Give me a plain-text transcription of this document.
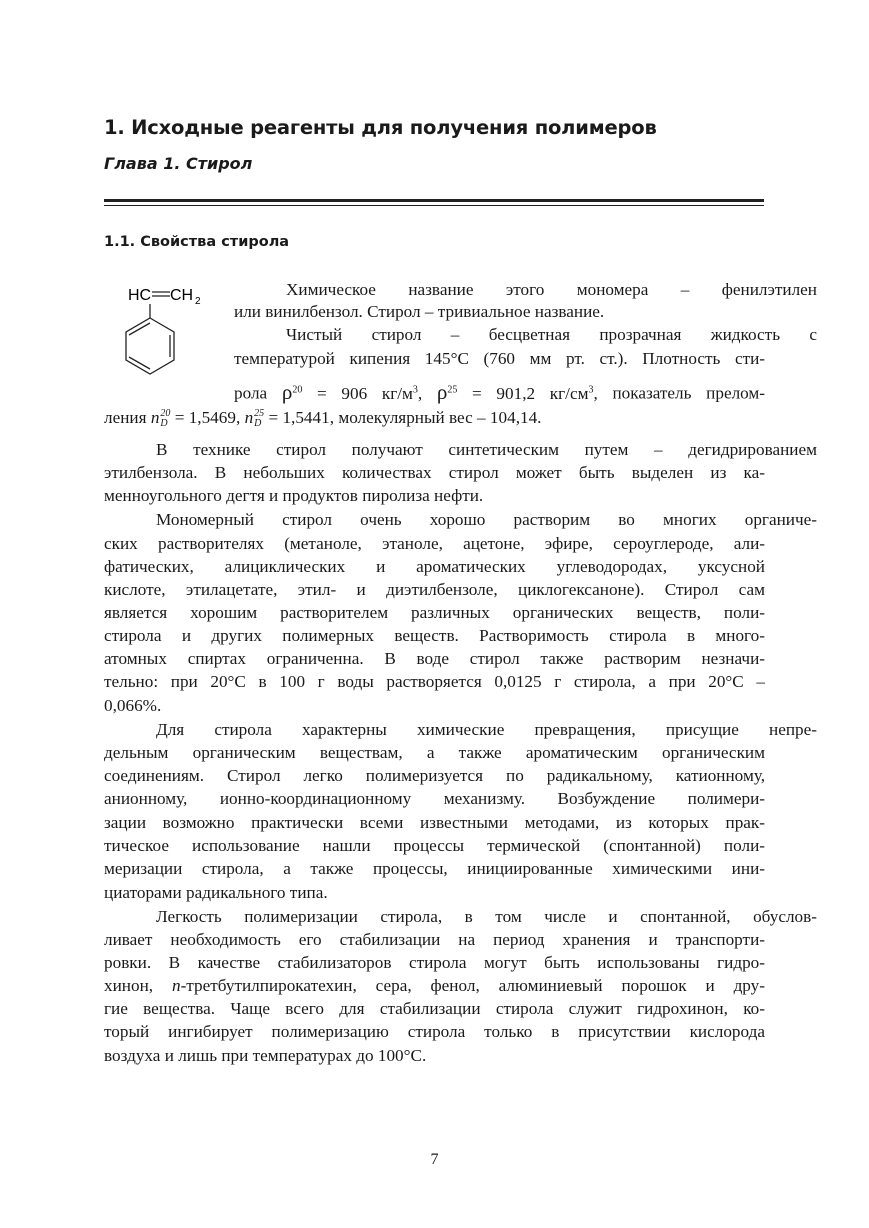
1. Исходные реагенты для получения полимеров
Глава 1. Стирол
1.1. Свойства стирола
HC CH 2
Химическое название этого мономера – фенилэтилен
или винилбензол. Стирол – тривиальное название.
Чистый стирол – бесцветная прозрачная жидкость с
температурой кипения 145°C (760 мм рт. ст.). Плотность сти-
рола $\rho^{20} = 906$ $кг/м^3$, $\rho^{25} = 901,2$ $кг/см^3$, показатель прелом-
ления n 20
D = 1,5469, n 25
D = 1,5441, молекулярный вес – 104,14.
В технике стирол получают синтетическим путем – дегидрированием
этилбензола. В небольших количествах стирол может быть выделен из ка-
менноугольного дегтя и продуктов пиролиза нефти.
Мономерный стирол очень хорошо растворим во многих органиче-
ских растворителях (метаноле, этаноле, ацетоне, эфире, сероуглероде, али-
фатических, алициклических и ароматических углеводородах, уксусной
кислоте, этилацетате, этил- и диэтилбензоле, циклогексаноне). Стирол сам
является хорошим растворителем различных органических веществ, поли-
стирола и других полимерных веществ. Растворимость стирола в много-
атомных спиртах ограниченна. В воде стирол также растворим незначи-
тельно: при 20°C в 100 г воды растворяется 0,0125 г стирола, а при 20°C –
0,066%.
Для стирола характерны химические превращения, присущие непре-
дельным органическим веществам, а также ароматическим органическим
соединениям. Стирол легко полимеризуется по радикальному, катионному,
анионному, ионно-координационному механизму. Возбуждение полимери-
зации возможно практически всеми известными методами, из которых прак-
тическое использование нашли процессы термической (спонтанной) поли-
меризации стирола, а также процессы, инициированные химическими ини-
циаторами радикального типа.
Легкость полимеризации стирола, в том числе и спонтанной, обуслов-
ливает необходимость его стабилизации на период хранения и транспорти-
ровки. В качестве стабилизаторов стирола могут быть использованы гидро-
хинон, п-третбутилпирокатехин, сера, фенол, алюминиевый порошок и дру-
гие вещества. Чаще всего для стабилизации стирола служит гидрохинон, ко-
торый ингибирует полимеризацию стирола только в присутствии кислорода
воздуха и лишь при температурах до 100°C.
7
